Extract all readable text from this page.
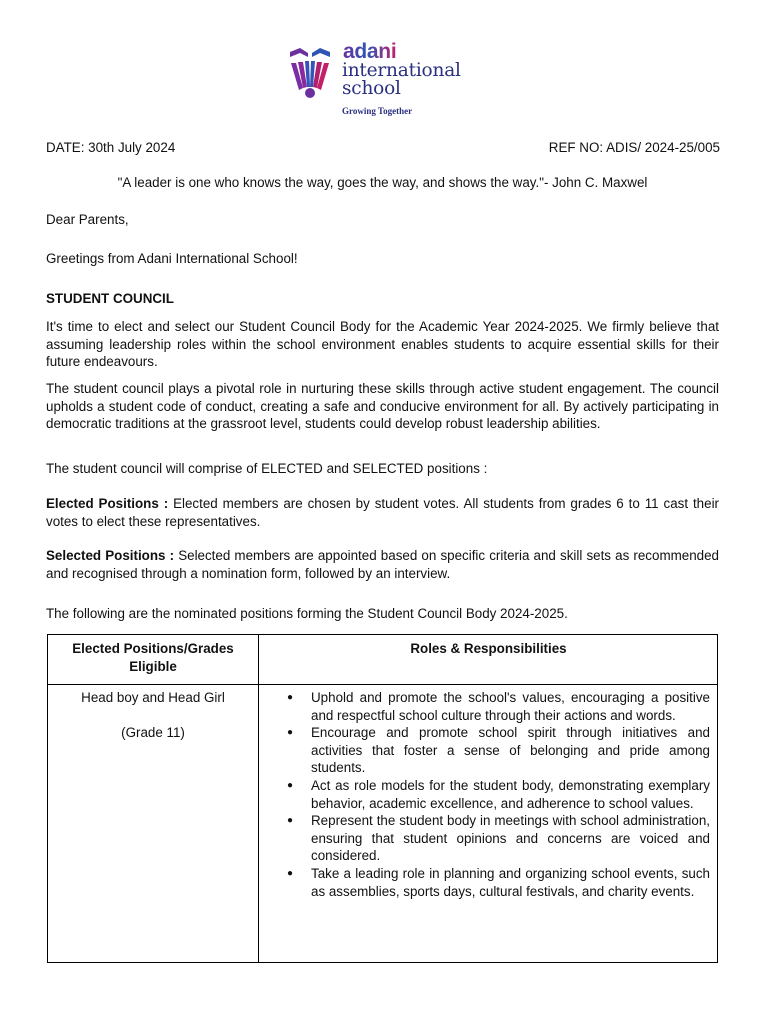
adani
international
school
Growing Together

DATE: 30th July 2024	REF NO: ADIS/ 2024-25/005

"A leader is one who knows the way, goes the way, and shows the way."- John C. Maxwel

Dear Parents,

Greetings from Adani International School!

STUDENT COUNCIL

It's time to elect and select our Student Council Body for the Academic Year 2024-2025. We firmly believe that assuming leadership roles within the school environment enables students to acquire essential skills for their future endeavours.

The student council plays a pivotal role in nurturing these skills through active student engagement. The council upholds a student code of conduct, creating a safe and conducive environment for all. By actively participating in democratic traditions at the grassroot level, students could develop robust leadership abilities.

The student council will comprise of ELECTED and SELECTED positions :

Elected Positions : Elected members are chosen by student votes. All students from grades 6 to 11 cast their votes to elect these representatives.

Selected Positions : Selected members are appointed based on specific criteria and skill sets as recommended and recognised through a nomination form, followed by an interview.

The following are the nominated positions forming the Student Council Body 2024-2025.

Elected Positions/Grades Eligible
Roles & Responsibilities
Head boy and Head Girl
(Grade 11)
● Uphold and promote the school's values, encouraging a positive and respectful school culture through their actions and words.
● Encourage and promote school spirit through initiatives and activities that foster a sense of belonging and pride among students.
● Act as role models for the student body, demonstrating exemplary behavior, academic excellence, and adherence to school values.
● Represent the student body in meetings with school administration, ensuring that student opinions and concerns are voiced and considered.
● Take a leading role in planning and organizing school events, such as assemblies, sports days, cultural festivals, and charity events.
